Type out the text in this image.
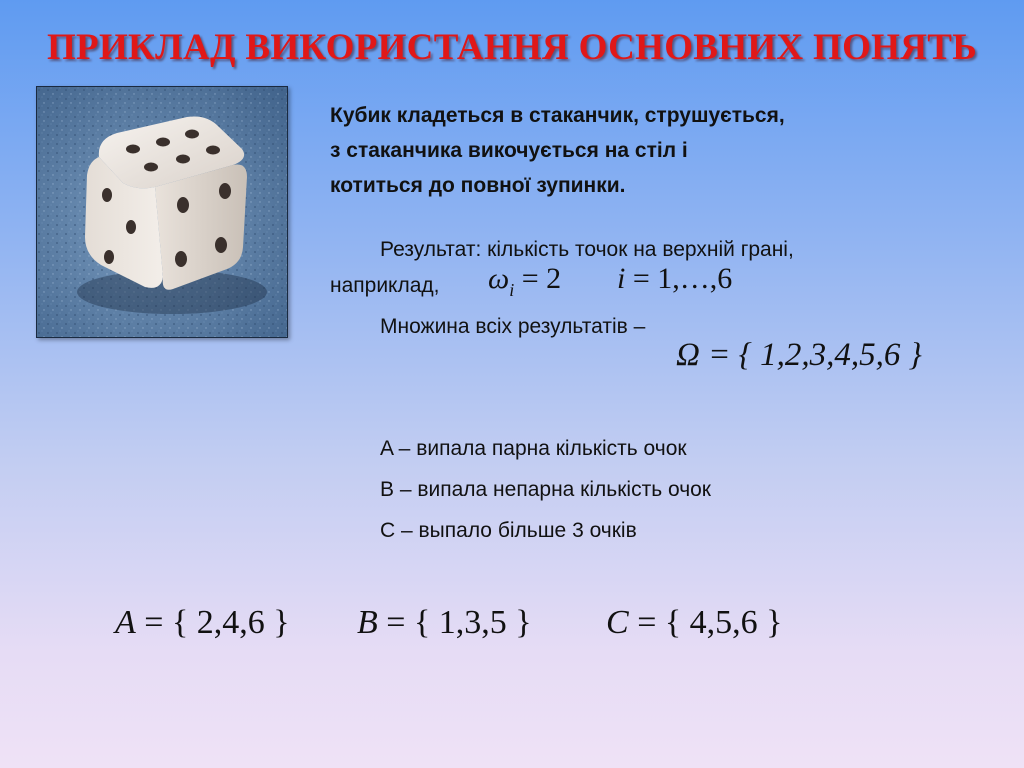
ПРИКЛАД ВИКОРИСТАННЯ ОСНОВНИХ ПОНЯТЬ
Кубик кладеться в стаканчик, струшується,
з стаканчика викочується на стіл і
котиться до повної зупинки.
Результат: кількість точок на верхній грані,
наприклад, $\omega_i = 2$ i = 1,…,6
Множина всіх результатів –
Ω = { 1,2,3,4,5,6 }
A – випала парна кількість очок
B – випала непарна кількість очок
C – выпало більше 3 очків
A = { 2,4,6 } B = { 1,3,5 } C = { 4,5,6 }
